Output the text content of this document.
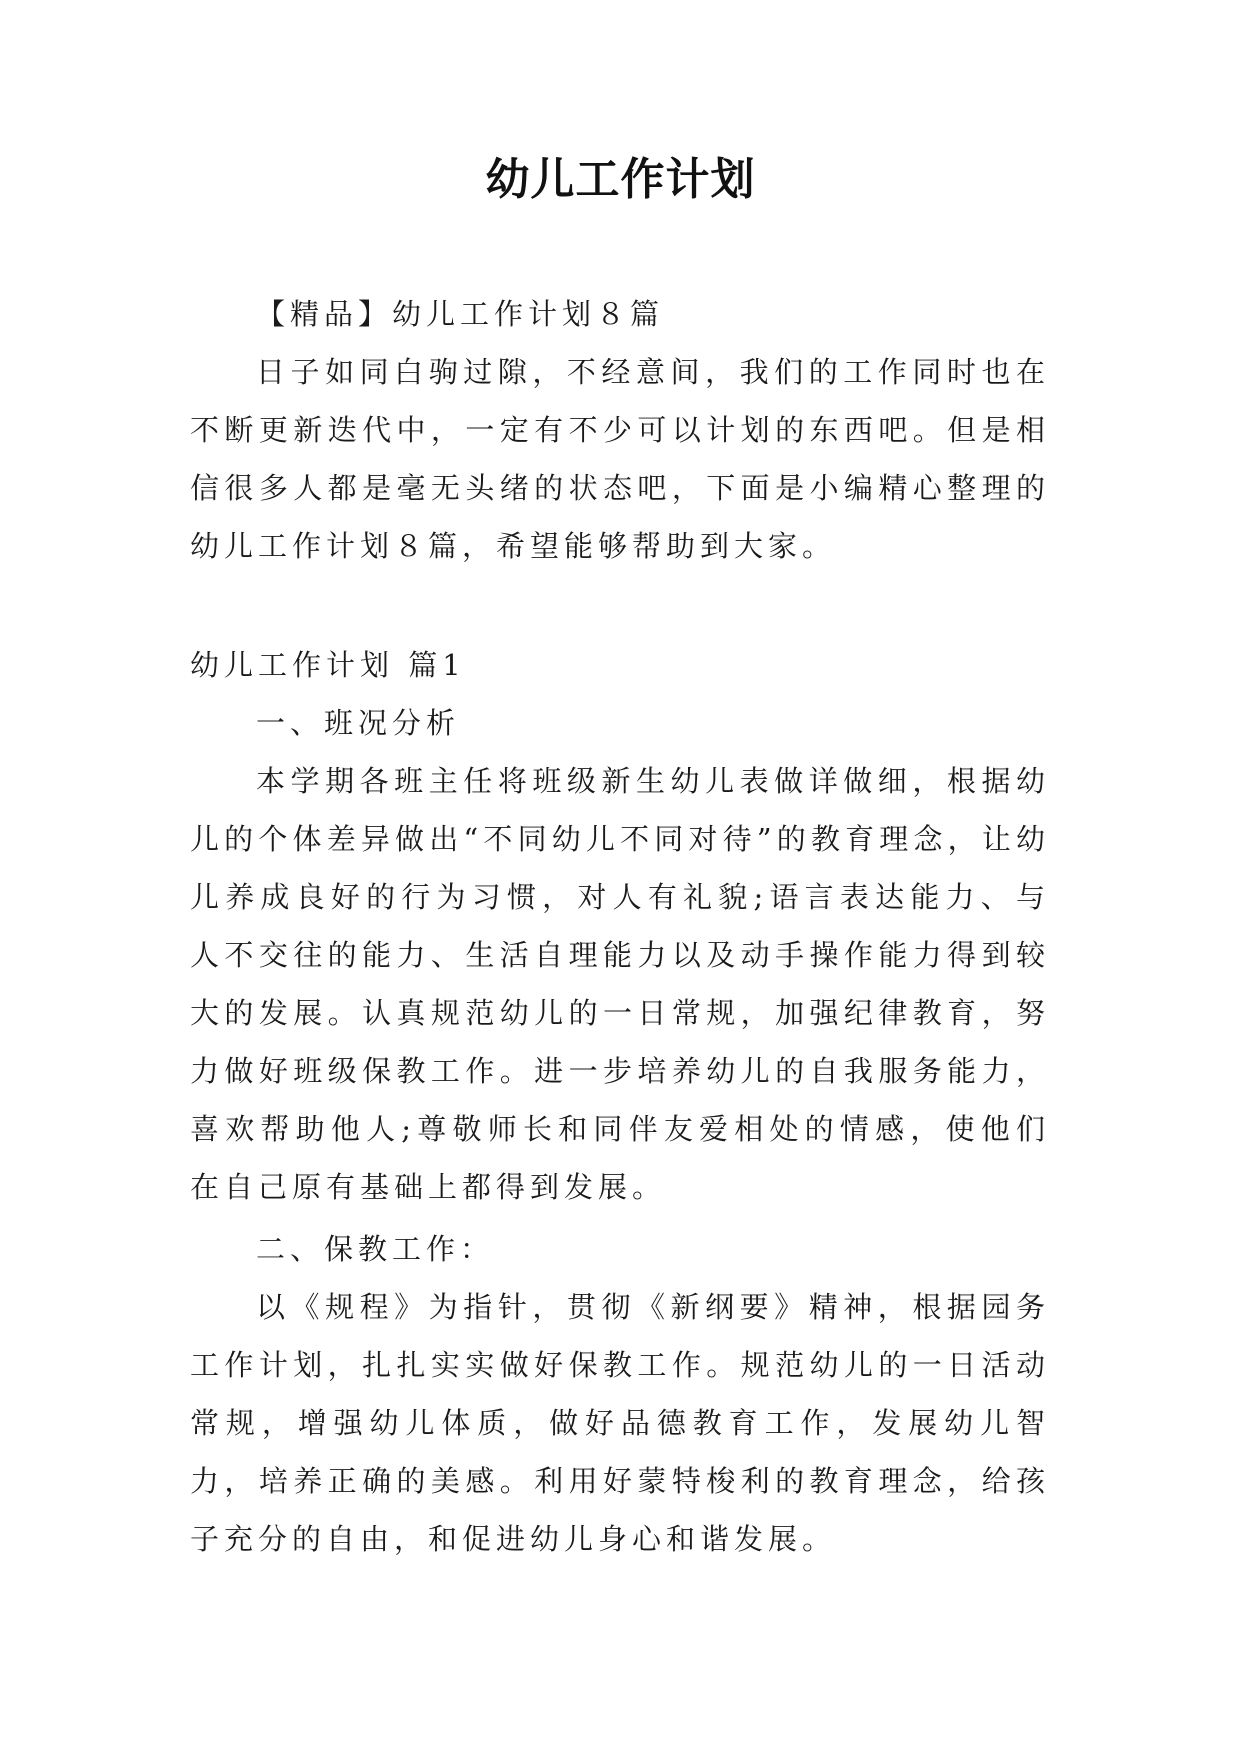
幼儿工作计划

【精品】幼儿工作计划８篇

日子如同白驹过隙，不经意间，我们的工作同时也在不断更新迭代中，一定有不少可以计划的东西吧。但是相信很多人都是毫无头绪的状态吧，下面是小编精心整理的幼儿工作计划８篇，希望能够帮助到大家。

幼儿工作计划 篇1

一、班况分析

本学期各班主任将班级新生幼儿表做详做细，根据幼儿的个体差异做出“不同幼儿不同对待”的教育理念，让幼儿养成良好的行为习惯，对人有礼貌;语言表达能力、与人不交往的能力、生活自理能力以及动手操作能力得到较大的发展。认真规范幼儿的一日常规，加强纪律教育，努力做好班级保教工作。进一步培养幼儿的自我服务能力，喜欢帮助他人;尊敬师长和同伴友爱相处的情感，使他们在自己原有基础上都得到发展。

二、保教工作：

以《规程》为指针，贯彻《新纲要》精神，根据园务工作计划，扎扎实实做好保教工作。规范幼儿的一日活动常规，增强幼儿体质，做好品德教育工作，发展幼儿智力，培养正确的美感。利用好蒙特梭利的教育理念，给孩子充分的自由，和促进幼儿身心和谐发展。
